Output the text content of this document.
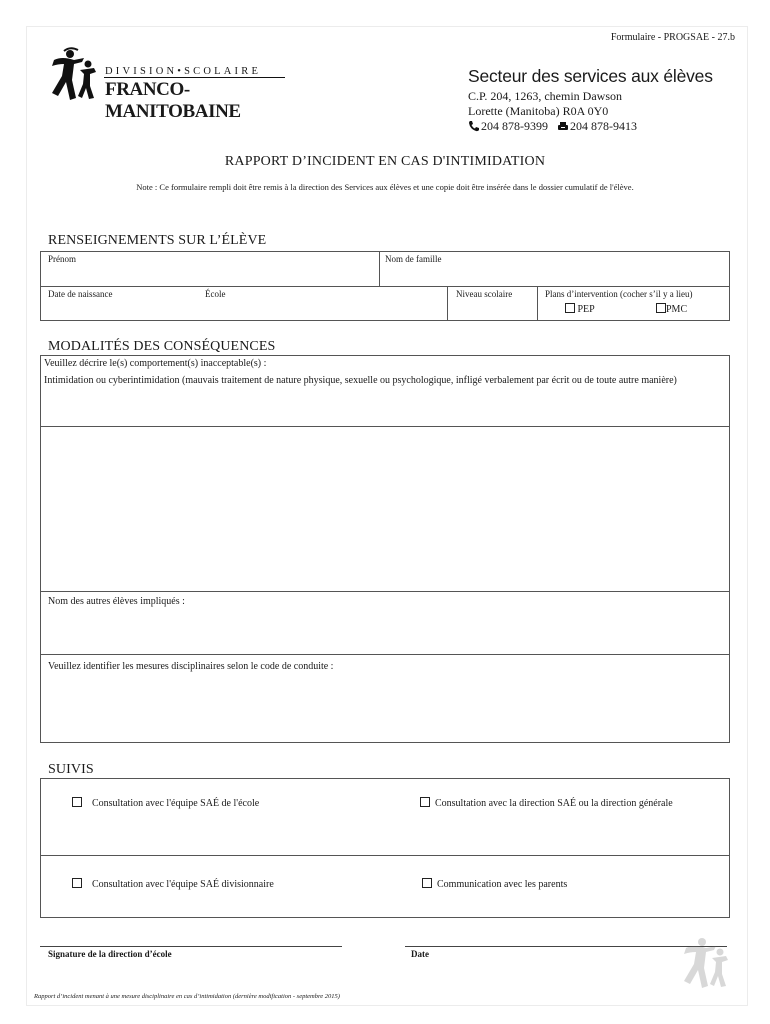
Formulaire - PROGSAE - 27.b
DIVISION•SCOLAIRE
FRANCO-MANITOBAINE
Secteur des services aux élèves
C.P. 204, 1263, chemin Dawson
Lorette (Manitoba) R0A 0Y0
204 878-9399 204 878-9413
RAPPORT D’INCIDENT EN CAS D'INTIMIDATION
Note : Ce formulaire rempli doit être remis à la direction des Services aux élèves et une copie doit être insérée dans le dossier cumulatif de l'élève.
RENSEIGNEMENTS SUR L’ÉLÈVE
Prénom	Nom de famille
Date de naissance	École	Niveau scolaire	Plans d’intervention (cocher s’il y a lieu)
PEP	PMC
MODALITÉS DES CONSÉQUENCES
Veuillez décrire le(s) comportement(s) inacceptable(s) :
Intimidation ou cyberintimidation (mauvais traitement de nature physique, sexuelle ou psychologique, infligé verbalement par écrit ou de toute autre manière)
Nom des autres élèves impliqués :
Veuillez identifier les mesures disciplinaires selon le code de conduite :
SUIVIS
Consultation avec l'équipe SAÉ de l'école	Consultation avec la direction SAÉ ou la direction générale
Consultation avec l'équipe SAÉ divisionnaire	Communication avec les parents
Signature de la direction d’école	Date
Rapport d’incident menant à une mesure disciplinaire en cas d’intimidation (dernière modification - septembre 2015)
